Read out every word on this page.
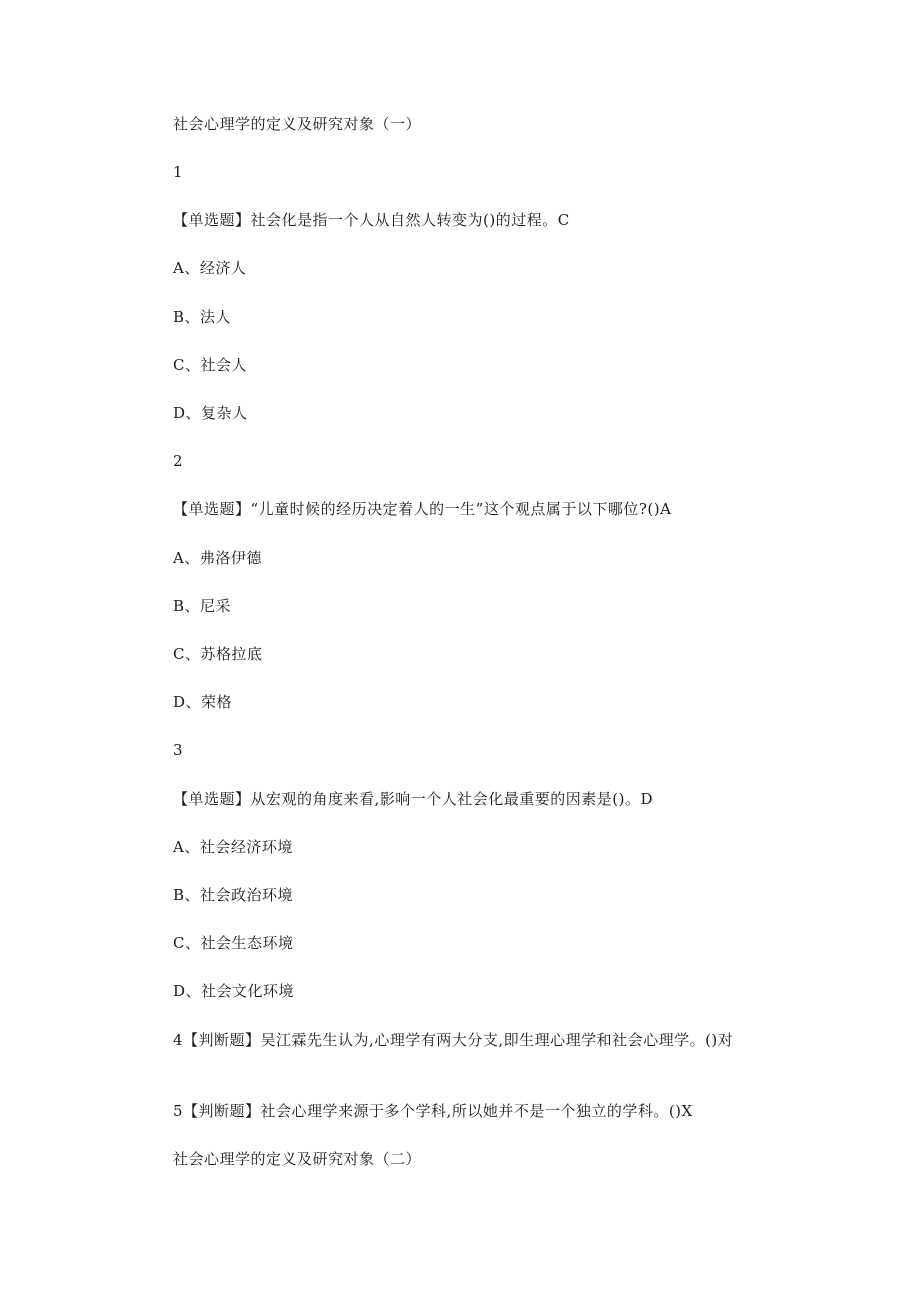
社会心理学的定义及研究对象（一）
1
【单选题】社会化是指一个人从自然人转变为()的过程。C
A、经济人
B、法人
C、社会人
D、复杂人
2
【单选题】“儿童时候的经历决定着人的一生”这个观点属于以下哪位?()A
A、弗洛伊德
B、尼采
C、苏格拉底
D、荣格
3
【单选题】从宏观的角度来看,影响一个人社会化最重要的因素是()。D
A、社会经济环境
B、社会政治环境
C、社会生态环境
D、社会文化环境
4【判断题】吴江霖先生认为,心理学有两大分支,即生理心理学和社会心理学。()对
5【判断题】社会心理学来源于多个学科,所以她并不是一个独立的学科。()X
社会心理学的定义及研究对象（二）
